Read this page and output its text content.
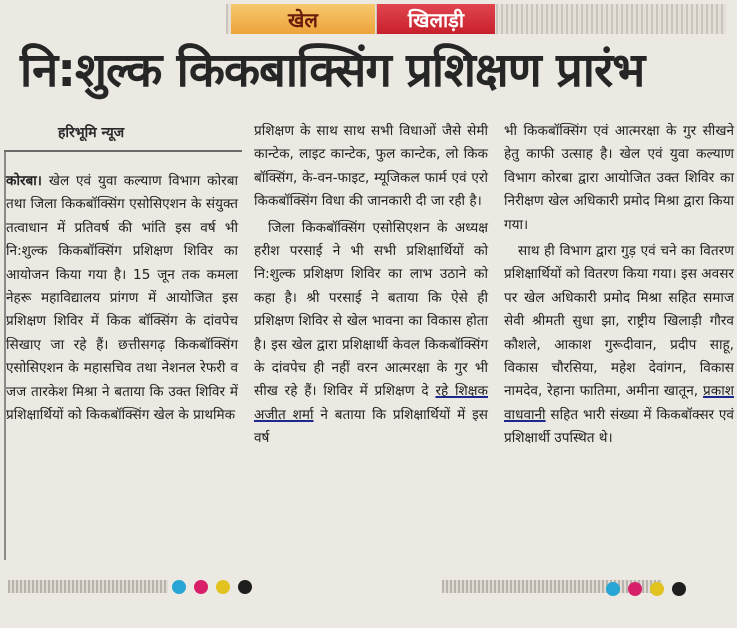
खेल	खिलाड़ी
नि:शुल्क किकबाक्सिंग प्रशिक्षण प्रारंभ
हरिभूमि न्यूज

कोरबा। खेल एवं युवा कल्याण विभाग कोरबा तथा जिला किकबॉक्सिंग एसोसिएशन के संयुक्त तत्वाधान में प्रतिवर्ष की भांति इस वर्ष भी नि:शुल्क किकबॉक्सिंग प्रशिक्षण शिविर का आयोजन किया गया है। 15 जून तक कमला नेहरू महाविद्यालय प्रांगण में आयोजित इस प्रशिक्षण शिविर में किक बॉक्सिंग के दांवपेच सिखाए जा रहे हैं। छत्तीसगढ़ किकबॉक्सिंग एसोसिएशन के महासचिव तथा नेशनल रेफरी व जज तारकेश मिश्रा ने बताया कि उक्त शिविर में प्रशिक्षार्थियों को किकबॉक्सिंग खेल के प्राथमिक

प्रशिक्षण के साथ साथ सभी विधाओं जैसे सेमी कान्टेक, लाइट कान्टेक, फुल कान्टेक, लो किक बॉक्सिंग, के-वन-फाइट, म्यूजिकल फार्म एवं एरो किकबॉक्सिंग विधा की जानकारी दी जा रही है।

जिला किकबॉक्सिंग एसोसिएशन के अध्यक्ष हरीश परसाई ने भी सभी प्रशिक्षार्थियों को नि:शुल्क प्रशिक्षण शिविर का लाभ उठाने को कहा है। श्री परसाई ने बताया कि ऐसे ही प्रशिक्षण शिविर से खेल भावना का विकास होता है। इस खेल द्वारा प्रशिक्षार्थी केवल किकबॉक्सिंग के दांवपेच ही नहीं वरन आत्मरक्षा के गुर भी सीख रहे हैं। शिविर में प्रशिक्षण दे रहे शिक्षक अजीत शर्मा ने बताया कि प्रशिक्षार्थियों में इस वर्ष

भी किकबॉक्सिंग एवं आत्मरक्षा के गुर सीखने हेतु काफी उत्साह है। खेल एवं युवा कल्याण विभाग कोरबा द्वारा आयोजित उक्त शिविर का निरीक्षण खेल अधिकारी प्रमोद मिश्रा द्वारा किया गया।

साथ ही विभाग द्वारा गुड़ एवं चने का वितरण प्रशिक्षार्थियों को वितरण किया गया। इस अवसर पर खेल अधिकारी प्रमोद मिश्रा सहित समाज सेवी श्रीमती सुधा झा, राष्ट्रीय खिलाड़ी गौरव कौशले, आकाश गुरूदीवान, प्रदीप साहू, विकास चौरसिया, महेश देवांगन, विकास नामदेव, रेहाना फातिमा, अमीना खातून, प्रकाश वाधवानी सहित भारी संख्या में किकबॉक्सर एवं प्रशिक्षार्थी उपस्थित थे।
